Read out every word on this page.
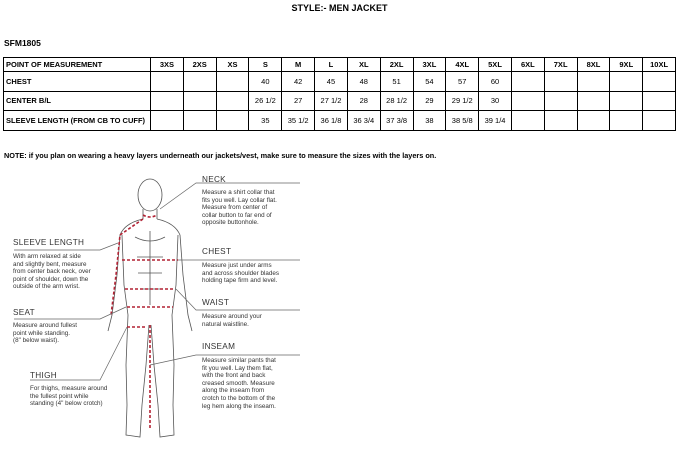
STYLE:- MEN JACKET
SFM1805
POINT OF MEASUREMENT	3XS	2XS	XS	S	M	L	XL	2XL	3XL	4XL	5XL	6XL	7XL	8XL	9XL	10XL
CHEST				40	42	45	48	51	54	57	60					
CENTER B/L				26 1/2	27	27 1/2	28	28 1/2	29	29 1/2	30					
SLEEVE LENGTH (FROM CB TO CUFF)				35	35 1/2	36 1/8	36 3/4	37 3/8	38	38 5/8	39 1/4					
NOTE: if you plan on wearing a heavy layers underneath our jackets/vest, make sure to measure the sizes with the layers on.
NECK
Measure a shirt collar that
fits you well. Lay collar flat.
Measure from center of
collar button to far end of
opposite buttonhole.
CHEST
Measure just under arms
and across shoulder blades
holding tape firm and level.
WAIST
Measure around your
natural waistline.
INSEAM
Measure similar pants that
fit you well. Lay them flat,
with the front and back
creased smooth. Measure
along the inseam from
crotch to the bottom of the
leg hem along the inseam.
SLEEVE LENGTH
With arm relaxed at side
and slightly bent, measure
from center back neck, over
point of shoulder, down the
outside of the arm wrist.
SEAT
Measure around fullest
point while standing.
(8" below waist).
THIGH
For thighs, measure around
the fullest point while
standing (4" below crotch)
